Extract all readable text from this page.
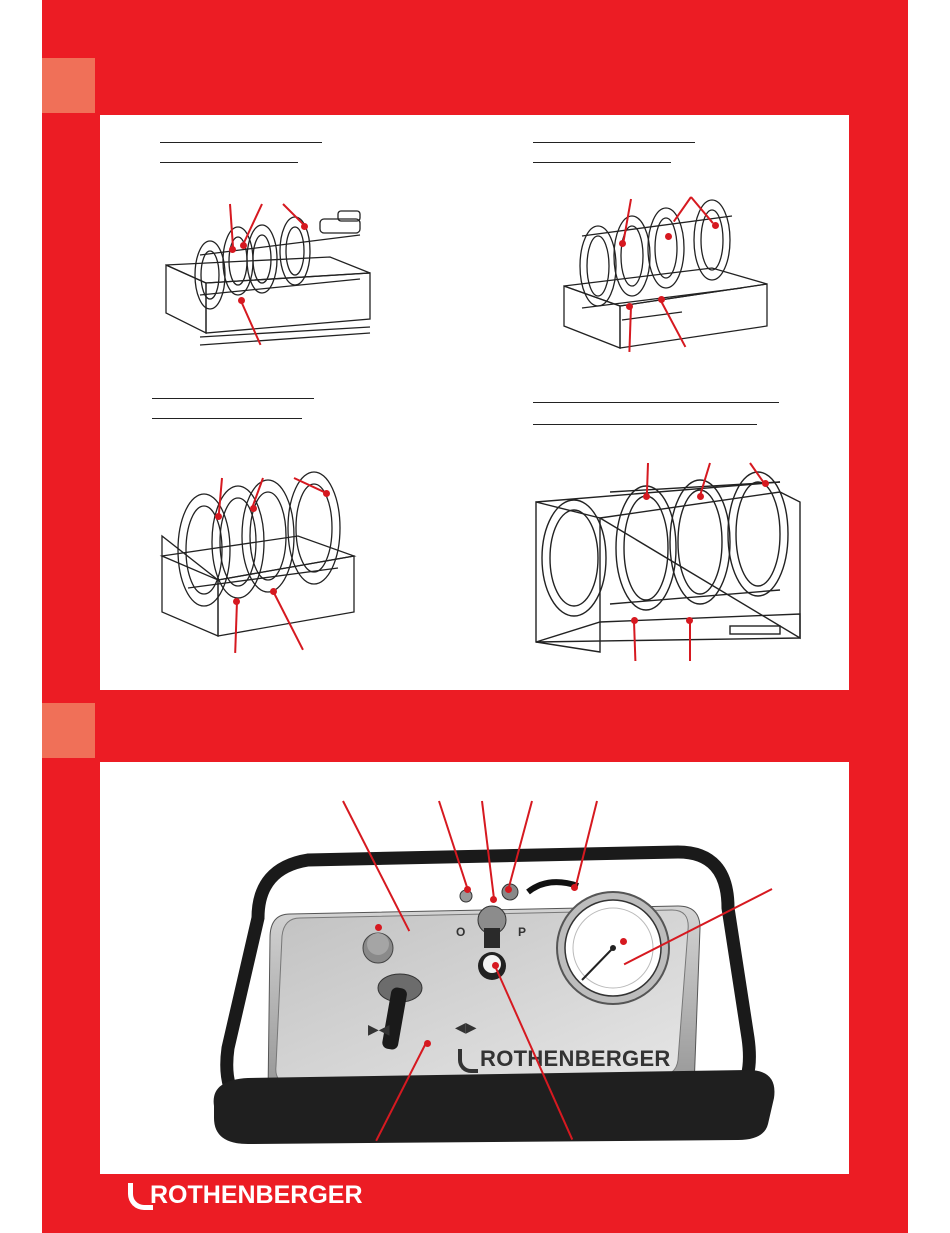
▶◀	◀▶
O	P
ROTHENBERGER
ROTHENBERGER
